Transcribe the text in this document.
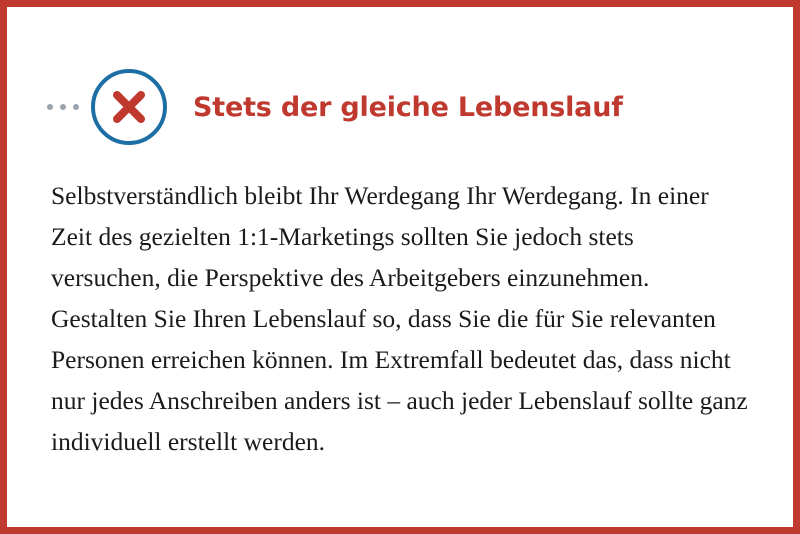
Stets der gleiche Lebenslauf
Selbstverständlich bleibt Ihr Werdegang Ihr Werdegang. In einer Zeit des gezielten 1:1-Marketings sollten Sie jedoch stets versuchen, die Perspektive des Arbeitgebers einzunehmen. Gestalten Sie Ihren Lebenslauf so, dass Sie die für Sie relevanten Personen erreichen können. Im Extremfall bedeutet das, dass nicht nur jedes Anschreiben anders ist – auch jeder Lebenslauf sollte ganz individuell erstellt werden.
